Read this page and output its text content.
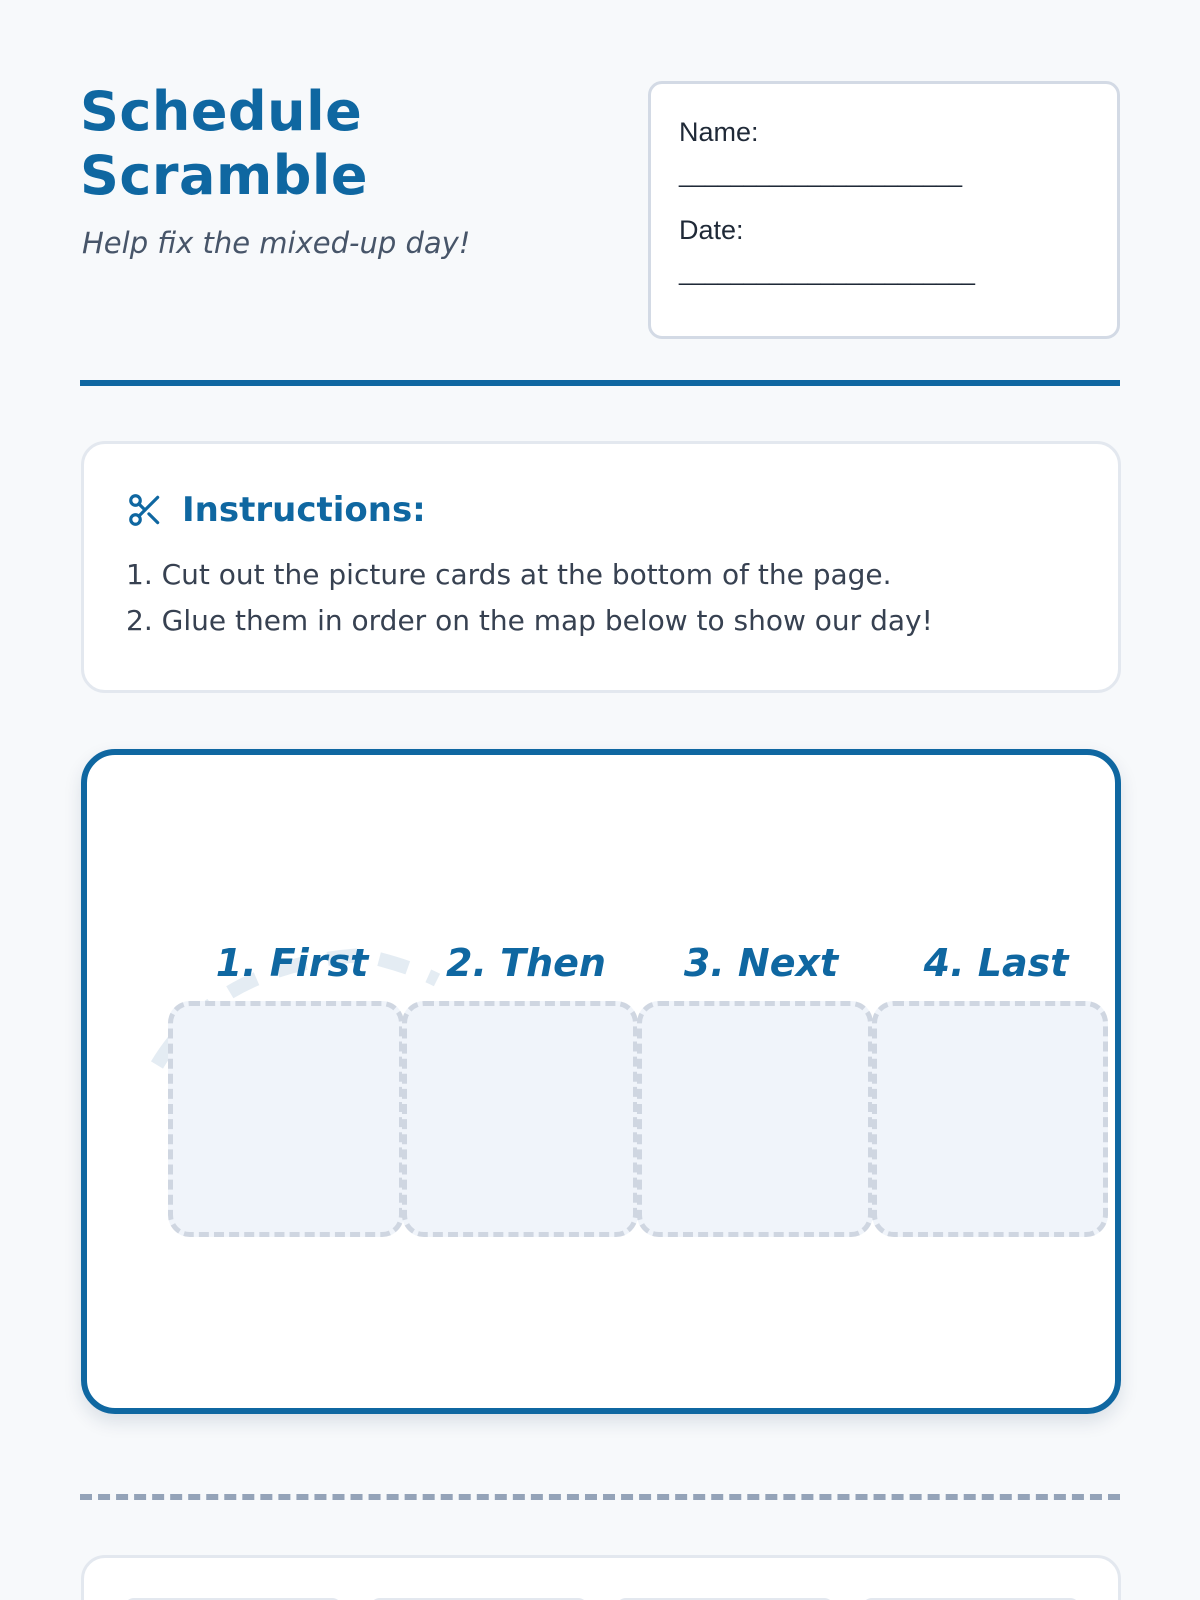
Schedule
Scramble
Help fix the mixed-up day!
Name:
______________________
Date:
_______________________
Instructions:
1. Cut out the picture cards at the bottom of the page.
2. Glue them in order on the map below to show our day!
1. First	2. Then	3. Next	4. Last
